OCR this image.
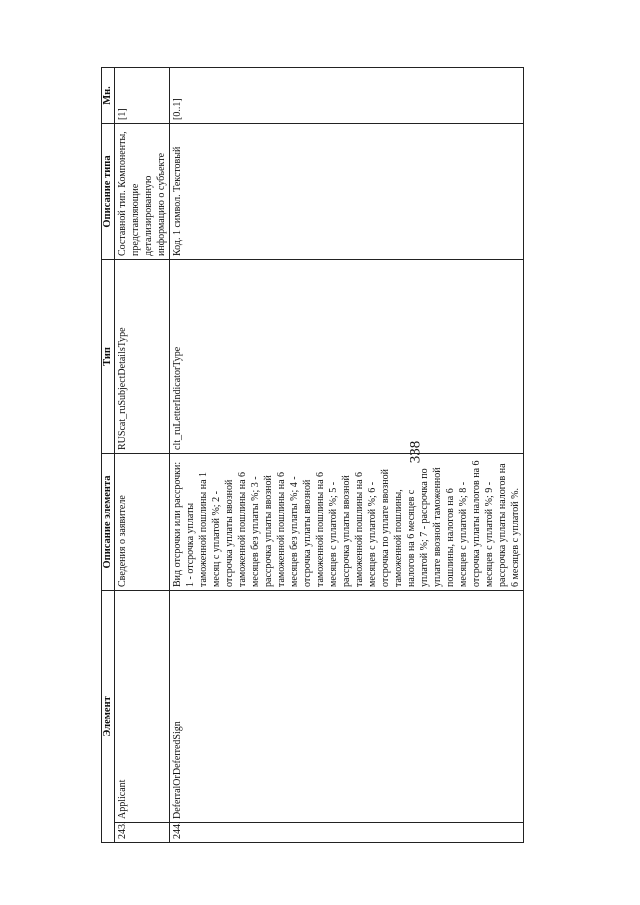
338
Элемент		Описание элемента	Тип	Описание типа	Мн.
243.	Applicant	Сведения о заявителе	RUScat_ruSubjectDetailsType	Составной тип. Компоненты, представляющие детализированную информацию о субъекте	[1]
244.	DeferralOrDeferredSign	Вид отсрочки или рассрочки: 1 - отсрочка уплаты таможенной пошлины на 1 месяц с уплатой %; 2 - отсрочка уплаты ввозной таможенной пошлины на 6 месяцев без уплаты %; 3 - рассрочка уплаты ввозной таможенной пошлины на 6 месяцев без уплаты %; 4 - отсрочка уплаты ввозной таможенной пошлины на 6 месяцев с уплатой %; 5 - рассрочка уплаты ввозной таможенной пошлины на 6 месяцев с уплатой %; 6 - отсрочка по уплате ввозной таможенной пошлины, налогов на 6 месяцев с уплатой %; 7 - рассрочка по уплате ввозной таможенной пошлины, налогов на 6 месяцев с уплатой %; 8 - отсрочка уплаты налогов на 6 месяцев с уплатой %; 9 - рассрочка уплаты налогов на 6 месяцев с уплатой %.	clt_ruLetterIndicatorType	Код. 1 символ. Текстовый	[0..1]
